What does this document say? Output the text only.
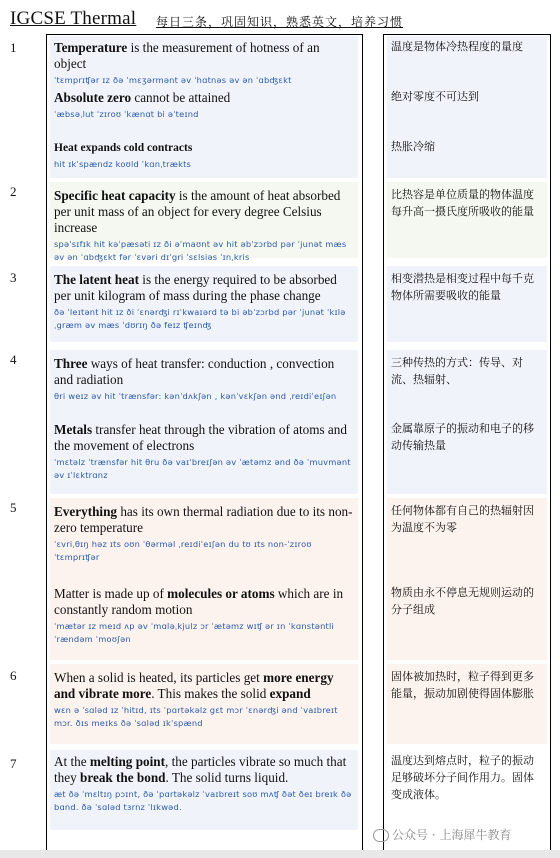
IGCSE Thermal 每日三条，巩固知识，熟悉英文，培养习惯
1
2
3
4
5
6
7

Temperature is the measurement of hotness of an object

ˈtɛmprɪʧər ɪz ðə ˈmɛʒərmənt əv ˈhɑtnəs əv ən ˈɑbʤɛkt

Absolute zero cannot be attained

ˈæbsəˌlut ˈzɪroʊ ˈkænɑt bi əˈteɪnd

Heat expands cold contracts

hit ɪkˈspændz koʊld ˈkɑnˌtrækts

温度是物体冷热程度的量度

绝对零度不可达到

热胀冷缩

Specific heat capacity is the amount of heat absorbed per unit mass of an object for every degree Celsius increase

spəˈsɪfɪk hit kəˈpæsəti ɪz ði əˈmaʊnt əv hit əbˈzɔrbd pər ˈjunət mæs əv ən ˈɑbʤɛkt fər ˈɛvəri dɪˈgri ˈsɛlsiəs ˈɪnˌkris

比热容是单位质量的物体温度每升高一摄氏度所吸收的能量

The latent heat is the energy required to be absorbed per unit kilogram of mass during the phase change

ðə ˈleɪtənt hit ɪz ði ˈɛnərʤi rɪˈkwaɪərd tə bi əbˈzɔrbd pər ˈjunət ˈkɪləˌgræm əv mæs ˈdʊrɪŋ ðə feɪz ʧeɪnʤ

相变潜热是相变过程中每千克物体所需要吸收的能量

Three ways of heat transfer: conduction , convection and radiation

θri weɪz əv hit ˈtrænsfər: kənˈdʌkʃən , kənˈvɛkʃən ənd ˌreɪdiˈeɪʃən

Metals transfer heat through the vibration of atoms and the movement of electrons

ˈmɛtəlz ˈtrænsfər hit θru ðə vaɪˈbreɪʃən əv ˈætəmz ənd ðə ˈmuvmənt əv ɪˈlɛktrɑnz

三种传热的方式：传导、对流、热辐射、

金属靠原子的振动和电子的移动传输热量

Everything has its own thermal radiation due to its non-zero temperature

ˈɛvriˌθɪŋ həz ɪts oʊn ˈθərməl ˌreɪdiˈeɪʃən du tʊ ɪts non-ˈzɪroʊ ˈtɛmprɪʧər

Matter is made up of molecules or atoms which are in constantly random motion

ˈmætər ɪz meɪd ʌp əv ˈmɑləˌkjulz ɔr ˈætəmz wɪʧ ər ɪn ˈkɑnstəntli ˈrændəm ˈmoʊʃən

任何物体都有自己的热辐射因为温度不为零

物质由永不停息无规则运动的分子组成

When a solid is heated, its particles get more energy and vibrate more. This makes the solid expand

wɛn ə ˈsɑləd ɪz ˈhitɪd, ɪts ˈpɑrtəkəlz gɛt mɔr ˈɛnərʤi ənd ˈvaɪbreɪt mɔr. ðɪs meɪks ðə ˈsɑləd ɪkˈspænd

固体被加热时，粒子得到更多能量，振动加剧使得固体膨胀

At the melting point, the particles vibrate so much that they break the bond. The solid turns liquid.

æt ðə ˈmɛltɪŋ pɔɪnt, ðə ˈpɑrtəkəlz ˈvaɪbreɪt soʊ mʌʧ ðət ðeɪ breɪk ðə bɑnd. ðə ˈsɑləd tɜrnz ˈlɪkwəd.

温度达到熔点时，粒子的振动足够破坏分子间作用力。固体变成液体。

公众号 · 上海犀牛教育
